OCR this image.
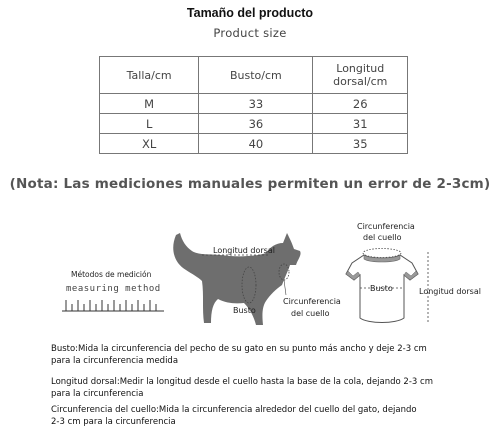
Tamaño del producto
Product size
Talla/cm	Busto/cm	Longitud dorsal/cm
M	33	26
L	36	31
XL	40	35
(Nota: Las mediciones manuales permiten un error de 2-3cm)
Métodos de medición
measuring method
Longitud dorsal
Busto
Circunferencia
del cuello
Circunferencia
del cuello
Busto	Longitud dorsal
Busto:Mida la circunferencia del pecho de su gato en su punto más ancho y deje 2-3 cm
para la circunferencia medida
Longitud dorsal:Medir la longitud desde el cuello hasta la base de la cola, dejando 2-3 cm
para la circunferencia
Circunferencia del cuello:Mida la circunferencia alrededor del cuello del gato, dejando
2-3 cm para la circunferencia
